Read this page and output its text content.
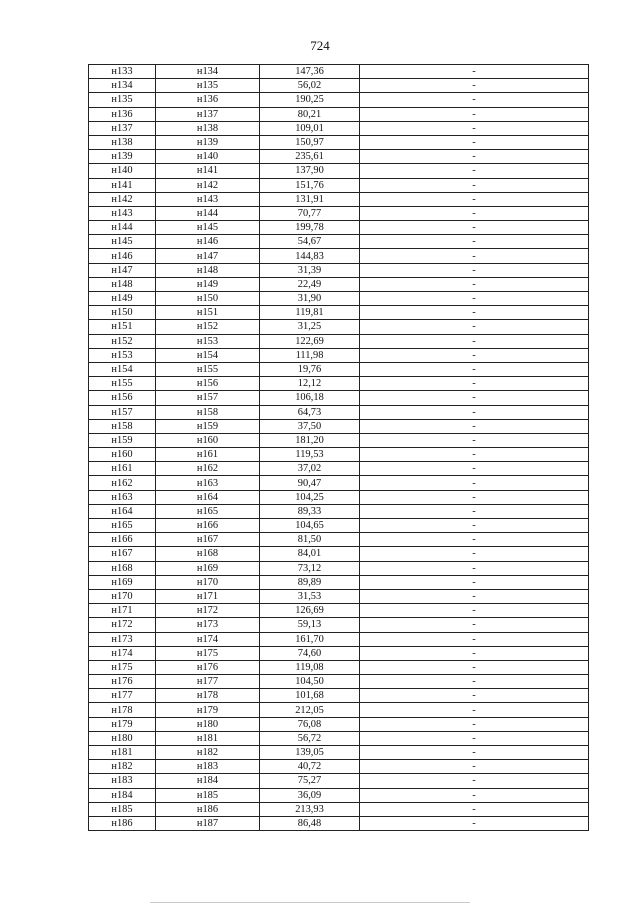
724
н133	н134	147,36	-
н134	н135	56,02	-
н135	н136	190,25	-
н136	н137	80,21	-
н137	н138	109,01	-
н138	н139	150,97	-
н139	н140	235,61	-
н140	н141	137,90	-
н141	н142	151,76	-
н142	н143	131,91	-
н143	н144	70,77	-
н144	н145	199,78	-
н145	н146	54,67	-
н146	н147	144,83	-
н147	н148	31,39	-
н148	н149	22,49	-
н149	н150	31,90	-
н150	н151	119,81	-
н151	н152	31,25	-
н152	н153	122,69	-
н153	н154	111,98	-
н154	н155	19,76	-
н155	н156	12,12	-
н156	н157	106,18	-
н157	н158	64,73	-
н158	н159	37,50	-
н159	н160	181,20	-
н160	н161	119,53	-
н161	н162	37,02	-
н162	н163	90,47	-
н163	н164	104,25	-
н164	н165	89,33	-
н165	н166	104,65	-
н166	н167	81,50	-
н167	н168	84,01	-
н168	н169	73,12	-
н169	н170	89,89	-
н170	н171	31,53	-
н171	н172	126,69	-
н172	н173	59,13	-
н173	н174	161,70	-
н174	н175	74,60	-
н175	н176	119,08	-
н176	н177	104,50	-
н177	н178	101,68	-
н178	н179	212,05	-
н179	н180	76,08	-
н180	н181	56,72	-
н181	н182	139,05	-
н182	н183	40,72	-
н183	н184	75,27	-
н184	н185	36,09	-
н185	н186	213,93	-
н186	н187	86,48	-
